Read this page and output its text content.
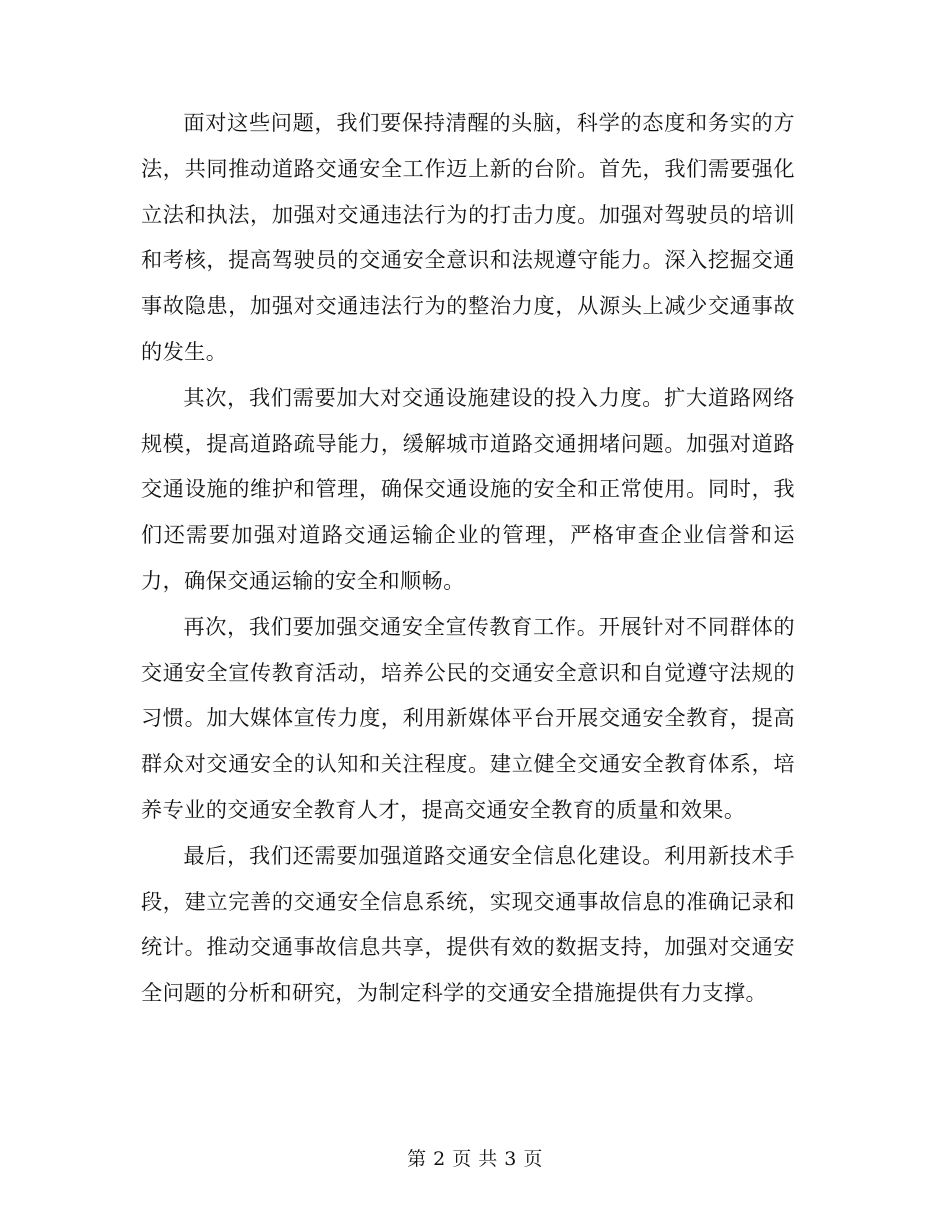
面对这些问题，我们要保持清醒的头脑，科学的态度和务实的方法，共同推动道路交通安全工作迈上新的台阶。首先，我们需要强化立法和执法，加强对交通违法行为的打击力度。加强对驾驶员的培训和考核，提高驾驶员的交通安全意识和法规遵守能力。深入挖掘交通事故隐患，加强对交通违法行为的整治力度，从源头上减少交通事故的发生。

其次，我们需要加大对交通设施建设的投入力度。扩大道路网络规模，提高道路疏导能力，缓解城市道路交通拥堵问题。加强对道路交通设施的维护和管理，确保交通设施的安全和正常使用。同时，我们还需要加强对道路交通运输企业的管理，严格审查企业信誉和运力，确保交通运输的安全和顺畅。

再次，我们要加强交通安全宣传教育工作。开展针对不同群体的交通安全宣传教育活动，培养公民的交通安全意识和自觉遵守法规的习惯。加大媒体宣传力度，利用新媒体平台开展交通安全教育，提高群众对交通安全的认知和关注程度。建立健全交通安全教育体系，培养专业的交通安全教育人才，提高交通安全教育的质量和效果。

最后，我们还需要加强道路交通安全信息化建设。利用新技术手段，建立完善的交通安全信息系统，实现交通事故信息的准确记录和统计。推动交通事故信息共享，提供有效的数据支持，加强对交通安全问题的分析和研究，为制定科学的交通安全措施提供有力支撑。

第 2 页 共 3 页
